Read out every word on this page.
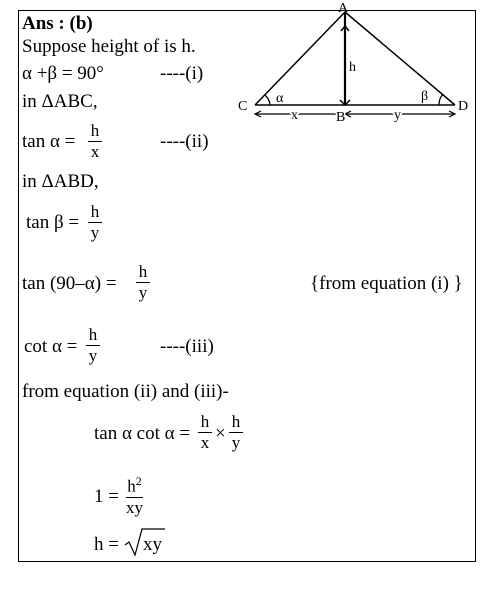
Ans : (b)
Suppose height of is h.
α +β = 90°	----(i)
in ΔABC,
tan α =
h
x	----(ii)
in ΔABD,
tan β =
h
y
tan (90–α) =
h
y	{from equation (i) }
cot α =
h
y	----(iii)
from equation (ii) and (iii)-
tan α cot α =
h
x ×
h
y
$1 = h^2$
xy
h = xy
A
C
B
D
h
x	y
α	β
